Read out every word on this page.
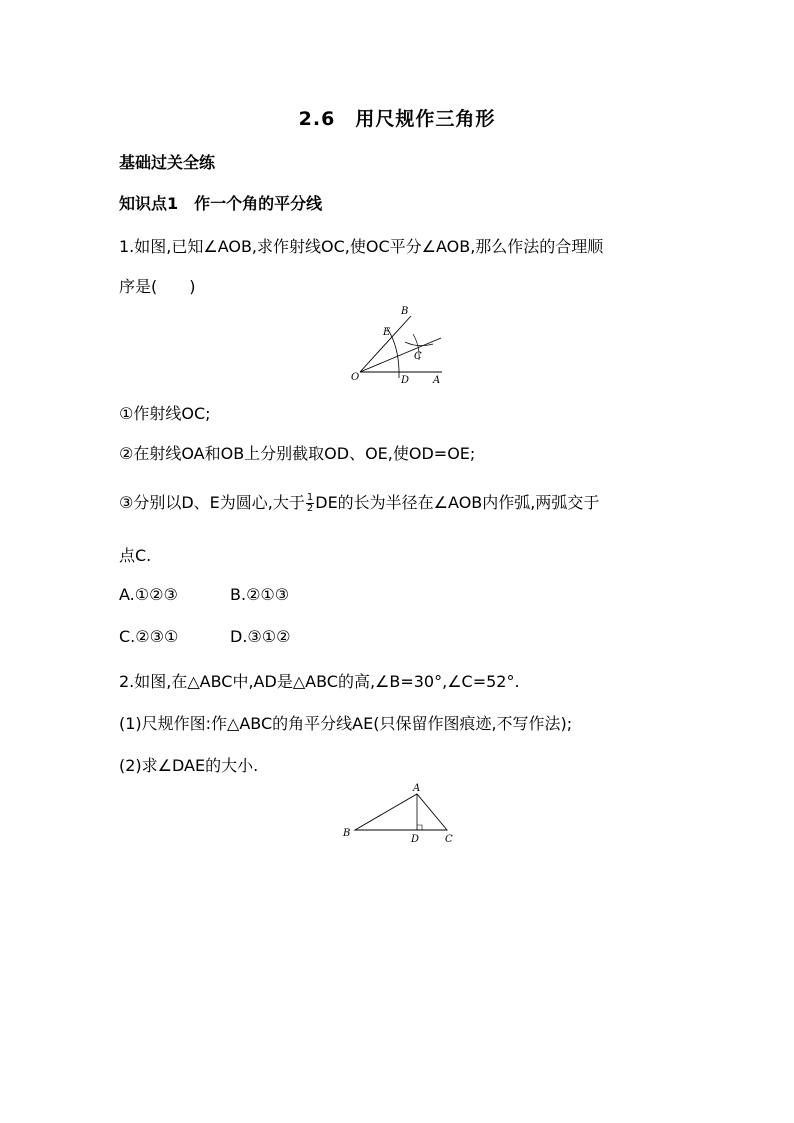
2.6　用尺规作三角形
基础过关全练
知识点1　作一个角的平分线
1.如图,已知∠AOB,求作射线OC,使OC平分∠AOB,那么作法的合理顺
序是(　　)
B
E
C
O	D A
①作射线OC;
②在射线OA和OB上分别截取OD、OE,使OD=OE;
③分别以D、E为圆心,大于 $\frac{1}{2}$ DE的长为半径在∠AOB内作弧,两弧交于
点C.
A.①②③	B.②①③
C.②③①	D.③①②
2.如图,在△ABC中,AD是△ABC的高,∠B=30°,∠C=52°.
(1)尺规作图:作△ABC的角平分线AE(只保留作图痕迹,不写作法);
(2)求∠DAE的大小.
A
B
D	C
